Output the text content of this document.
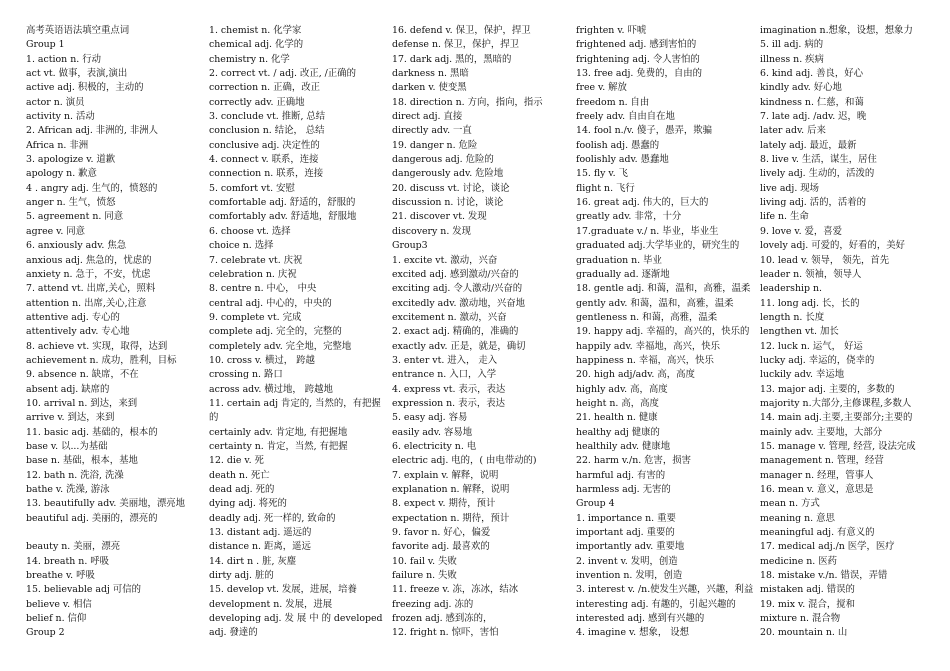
高考英语语法填空重点词
Group 1
1. action n. 行动
act vt. 做事，表演,演出
active adj. 积极的，主动的
actor n. 演员
activity n. 活动
2. African adj. 非洲的, 非洲人
Africa n. 非洲
3. apologize v. 道歉
apology n. 歉意
4 . angry adj. 生气的，愤怒的
anger n. 生气，愤怒
5. agreement n. 同意
agree v. 同意
6. anxiously adv. 焦急
anxious adj. 焦急的，忧虑的
anxiety n. 急于，不安，忧虑
7. attend vt. 出席,关心，照料
attention n. 出席,关心,注意
attentive adj. 专心的
attentively adv. 专心地
8. achieve vt. 实现，取得，达到
achievement n. 成功，胜利，目标
9. absence n. 缺席，不在
absent adj. 缺席的
10. arrival n. 到达，来到
arrive v. 到达，来到
11. basic adj. 基础的，根本的
base v. 以...为基础
base n. 基础，根本，基地
12. bath n. 洗浴, 洗澡
bathe v. 洗澡, 游泳
13. beautifully adv. 美丽地，漂亮地
beautiful adj. 美丽的，漂亮的
beauty n. 美丽，漂亮
14. breath n. 呼吸
breathe v. 呼吸
15. believable adj 可信的
believe v. 相信
belief n. 信仰
Group 2
1. chemist n. 化学家
chemical adj. 化学的
chemistry n. 化学
2. correct vt. / adj. 改正, /正确的
correction n. 正确，改正
correctly adv. 正确地
3. conclude vt. 推断, 总结
conclusion n. 结论， 总结
conclusive adj. 决定性的
4. connect v. 联系，连接
connection n. 联系，连接
5. comfort vt. 安慰
comfortable adj. 舒适的，舒服的
comfortably adv. 舒适地，舒服地
6. choose vt. 选择
choice n. 选择
7. celebrate vt. 庆祝
celebration n. 庆祝
8. centre n. 中心， 中央
central adj. 中心的，中央的
9. complete vt. 完成
complete adj. 完全的，完整的
completely adv. 完全地，完整地
10. cross v. 横过， 跨越
crossing n. 路口
across adv. 横过地， 跨越地
11. certain adj 肯定的, 当然的，有把握
的
certainly adv. 肯定地, 有把握地
certainty n. 肯定，当然, 有把握
12. die v. 死
death n. 死亡
dead adj. 死的
dying adj. 将死的
deadly adj. 死一样的, 致命的
13. distant adj. 遥远的
distance n. 距离，遥远
14. dirt n . 脏, 灰麈
dirty adj. 脏的
15. develop vt. 发展，进展，培養
development n. 发展，进展
developing adj. 发 展 中 的 developed
adj. 發達的
16. defend v. 保卫，保护，捍卫
defense n. 保卫，保护，捍卫
17. dark adj. 黑的，黑暗的
darkness n. 黑暗
darken v. 使变黑
18. direction n. 方向，指向，指示
direct adj. 直接
directly adv. 一直
19. danger n. 危险
dangerous adj. 危险的
dangerously adv. 危险地
20. discuss vt. 讨论，谈论
discussion n. 讨论，谈论
21. discover vt. 发现
discovery n. 发现
Group3
1. excite vt. 激动，兴奋
excited adj. 感到激动/兴奋的
exciting adj. 令人激动/兴奋的
excitedly adv. 激动地，兴奋地
excitement n. 激动，兴奋
2. exact adj. 精确的，准确的
exactly adv. 正是，就是，确切
3. enter vt. 进入， 走入
entrance n. 入口，入学
4. express vt. 表示，表达
expression n. 表示，表达
5. easy adj. 容易
easily adv. 容易地
6. electricity n. 电
electric adj. 电的，( 由电带动的)
7. explain v. 解释，说明
explanation n. 解释，说明
8. expect v. 期待，预计
expectation n. 期待，预计
9. favor n. 好心，偏爱
favorite adj. 最喜欢的
10. fail v. 失败
failure n. 失败
11. freeze v. 冻，冻冰，结冰
freezing adj. 冻的
frozen adj. 感到冻的，
12. fright n. 惊吓，害怕
frighten v. 吓唬
frightened adj. 感到害怕的
frightening adj. 令人害怕的
13. free adj. 免费的，自由的
free v. 解放
freedom n. 自由
freely adv. 自由自在地
14. fool n./v. 傻子，愚弄，欺骗
foolish adj. 愚蠢的
foolishly adv. 愚蠢地
15. fly v. 飞
flight n. 飞行
16. great adj. 伟大的，巨大的
greatly adv. 非常，十分
17.graduate v./ n. 毕业，毕业生
graduated adj.大学毕业的，研究生的
graduation n. 毕业
gradually ad. 逐渐地
18. gentle adj. 和蔼，温和，高雅，温柔
gently adv. 和蔼，温和，高雅，温柔
gentleness n. 和蔼，高雅，温柔
19. happy adj. 幸福的，高兴的，快乐的
happily adv. 幸福地，高兴，快乐
happiness n. 幸福，高兴，快乐
20. high adj/adv. 高，高度
highly adv. 高，高度
height n. 高，高度
21. health n. 健康
healthy adj 健康的
healthily adv. 健康地
22. harm v./n. 危害，损害
harmful adj. 有害的
harmless adj. 无害的
Group 4
1. importance n. 重要
important adj. 重要的
importantly adv. 重要地
2. invent v. 发明，创造
invention n. 发明，创造
3. interest v. /n.使发生兴趣，兴趣，利益
interesting adj. 有趣的，引起兴趣的
interested adj. 感到有兴趣的
4. imagine v. 想象， 设想
imagination n.想象，设想，想象力
5. ill adj. 病的
illness n. 疾病
6. kind adj. 善良，好心
kindly adv. 好心地
kindness n. 仁慈，和蔼
7. late adj. /adv. 迟，晚
later adv. 后来
lately adj. 最近，最新
8. live v. 生活，谋生，居住
lively adj. 生动的，活泼的
live adj. 现场
living adj. 活的，活着的
life n. 生命
9. love v. 爱，喜爱
lovely adj. 可爱的，好看的，美好
10. lead v. 领导， 领先，首先
leader n. 领袖，领导人
leadership n.
11. long adj. 长，长的
length n. 长度
lengthen vt. 加长
12. luck n. 运气， 好运
lucky adj. 幸运的，侥幸的
luckily adv. 幸运地
13. major adj. 主要的，多数的
majority n.大部分,主修课程,多数人
14. main adj.主要,主要部分;主要的
mainly adv. 主要地，大部分
15. manage v. 管理, 经营, 设法完成
management n. 管理，经营
manager n. 经理，管事人
16. mean v. 意义，意思是
mean n. 方式
meaning n. 意思
meaningful adj. 有意义的
17. medical adj./n 医学，医疗
medicine n. 医药
18. mistake v./n. 错误，弄错
mistaken adj. 错误的
19. mix v. 混合，搅和
mixture n. 混合物
20. mountain n. 山
